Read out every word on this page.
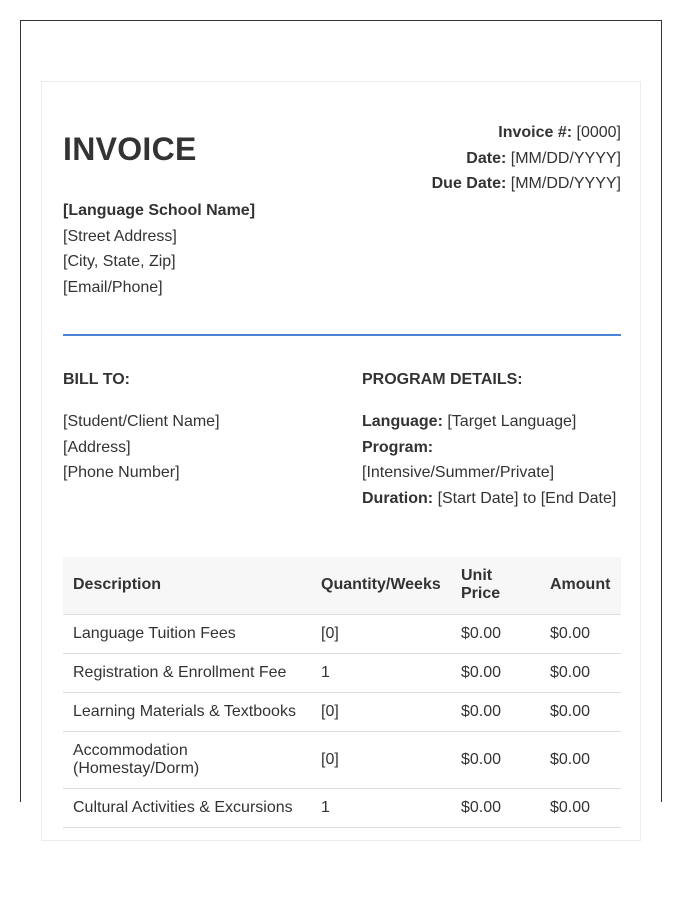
INVOICE	Invoice #: [0000]
Date: [MM/DD/YYYY]
Due Date: [MM/DD/YYYY]
[Language School Name]
[Street Address]
[City, State, Zip]
[Email/Phone]
BILL TO:	PROGRAM DETAILS:
[Student/Client Name]
[Address]
[Phone Number]
Language: [Target Language]
Program:
[Intensive/Summer/Private]
Duration: [Start Date] to [End Date]
Description	Quantity/Weeks	Unit Price	Amount
Language Tuition Fees	[0]	$0.00	$0.00
Registration & Enrollment Fee	1	$0.00	$0.00
Learning Materials & Textbooks	[0]	$0.00	$0.00
Accommodation (Homestay/Dorm)	[0]	$0.00	$0.00
Cultural Activities & Excursions	1	$0.00	$0.00
